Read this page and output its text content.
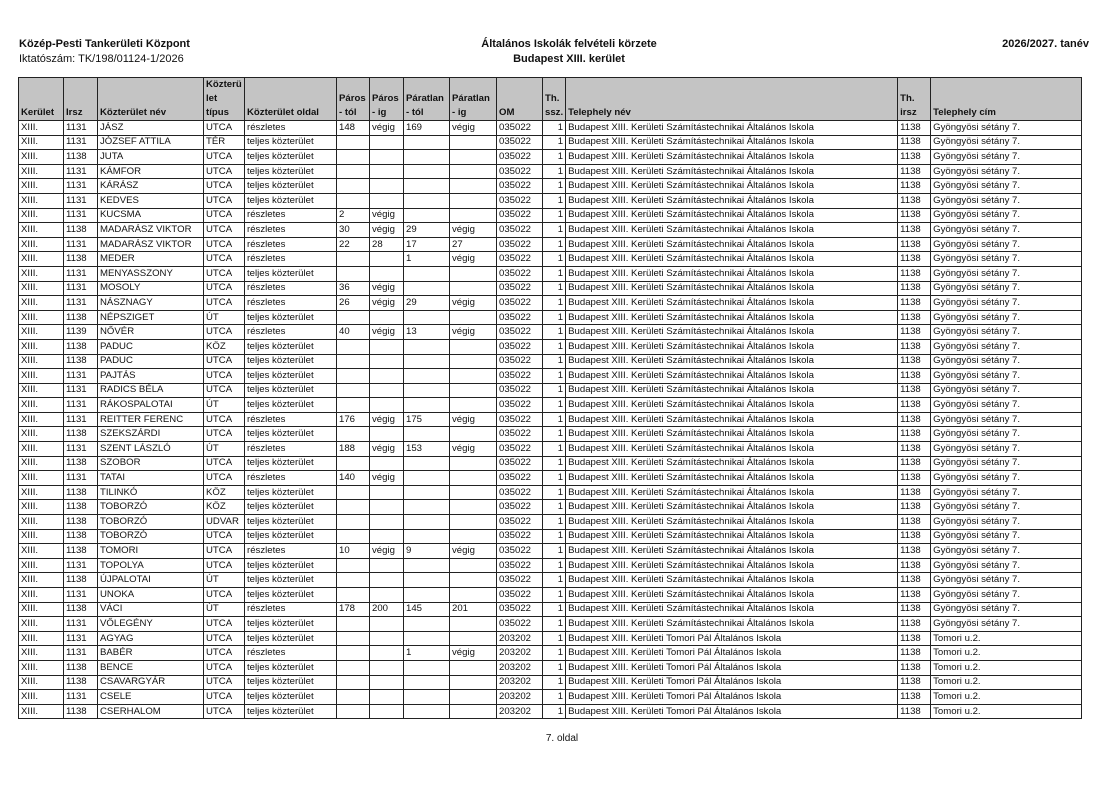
Közép-Pesti Tankerületi Központ
Iktatószám: TK/198/01124-1/2026
Általános Iskolák felvételi körzete
Budapest XIII. kerület
2026/2027. tanév
Kerület	Irsz	Közterület név	Közterü let típus	Közterület oldal	Páros - tól	Páros - ig	Páratlan - tól	Páratlan - ig	OM	Th. ssz.	Telephely név	Th. irsz	Telephely cím
XIII.	1131	JÁSZ	UTCA	részletes	148	végig	169	végig	035022	1	Budapest XIII. Kerületi Számítástechnikai Általános Iskola	1138	Gyöngyösi sétány 7.
XIII.	1131	JÓZSEF ATTILA	TÉR	teljes közterület					035022	1	Budapest XIII. Kerületi Számítástechnikai Általános Iskola	1138	Gyöngyösi sétány 7.
XIII.	1138	JUTA	UTCA	teljes közterület					035022	1	Budapest XIII. Kerületi Számítástechnikai Általános Iskola	1138	Gyöngyösi sétány 7.
XIII.	1131	KÁMFOR	UTCA	teljes közterület					035022	1	Budapest XIII. Kerületi Számítástechnikai Általános Iskola	1138	Gyöngyösi sétány 7.
XIII.	1131	KÁRÁSZ	UTCA	teljes közterület					035022	1	Budapest XIII. Kerületi Számítástechnikai Általános Iskola	1138	Gyöngyösi sétány 7.
XIII.	1131	KEDVES	UTCA	teljes közterület					035022	1	Budapest XIII. Kerületi Számítástechnikai Általános Iskola	1138	Gyöngyösi sétány 7.
XIII.	1131	KUCSMA	UTCA	részletes	2	végig			035022	1	Budapest XIII. Kerületi Számítástechnikai Általános Iskola	1138	Gyöngyösi sétány 7.
XIII.	1138	MADARÁSZ VIKTOR	UTCA	részletes	30	végig	29	végig	035022	1	Budapest XIII. Kerületi Számítástechnikai Általános Iskola	1138	Gyöngyösi sétány 7.
XIII.	1131	MADARÁSZ VIKTOR	UTCA	részletes	22	28	17	27	035022	1	Budapest XIII. Kerületi Számítástechnikai Általános Iskola	1138	Gyöngyösi sétány 7.
XIII.	1138	MEDER	UTCA	részletes			1	végig	035022	1	Budapest XIII. Kerületi Számítástechnikai Általános Iskola	1138	Gyöngyösi sétány 7.
XIII.	1131	MENYASSZONY	UTCA	teljes közterület					035022	1	Budapest XIII. Kerületi Számítástechnikai Általános Iskola	1138	Gyöngyösi sétány 7.
XIII.	1131	MOSOLY	UTCA	részletes	36	végig			035022	1	Budapest XIII. Kerületi Számítástechnikai Általános Iskola	1138	Gyöngyösi sétány 7.
XIII.	1131	NÁSZNAGY	UTCA	részletes	26	végig	29	végig	035022	1	Budapest XIII. Kerületi Számítástechnikai Általános Iskola	1138	Gyöngyösi sétány 7.
XIII.	1138	NÉPSZIGET	ÚT	teljes közterület					035022	1	Budapest XIII. Kerületi Számítástechnikai Általános Iskola	1138	Gyöngyösi sétány 7.
XIII.	1139	NŐVÉR	UTCA	részletes	40	végig	13	végig	035022	1	Budapest XIII. Kerületi Számítástechnikai Általános Iskola	1138	Gyöngyösi sétány 7.
XIII.	1138	PADUC	KÖZ	teljes közterület					035022	1	Budapest XIII. Kerületi Számítástechnikai Általános Iskola	1138	Gyöngyösi sétány 7.
XIII.	1138	PADUC	UTCA	teljes közterület					035022	1	Budapest XIII. Kerületi Számítástechnikai Általános Iskola	1138	Gyöngyösi sétány 7.
XIII.	1131	PAJTÁS	UTCA	teljes közterület					035022	1	Budapest XIII. Kerületi Számítástechnikai Általános Iskola	1138	Gyöngyösi sétány 7.
XIII.	1131	RADICS BÉLA	UTCA	teljes közterület					035022	1	Budapest XIII. Kerületi Számítástechnikai Általános Iskola	1138	Gyöngyösi sétány 7.
XIII.	1131	RÁKOSPALOTAI	ÚT	teljes közterület					035022	1	Budapest XIII. Kerületi Számítástechnikai Általános Iskola	1138	Gyöngyösi sétány 7.
XIII.	1131	REITTER FERENC	UTCA	részletes	176	végig	175	végig	035022	1	Budapest XIII. Kerületi Számítástechnikai Általános Iskola	1138	Gyöngyösi sétány 7.
XIII.	1138	SZEKSZÁRDI	UTCA	teljes közterület					035022	1	Budapest XIII. Kerületi Számítástechnikai Általános Iskola	1138	Gyöngyösi sétány 7.
XIII.	1131	SZENT LÁSZLÓ	ÚT	részletes	188	végig	153	végig	035022	1	Budapest XIII. Kerületi Számítástechnikai Általános Iskola	1138	Gyöngyösi sétány 7.
XIII.	1138	SZOBOR	UTCA	teljes közterület					035022	1	Budapest XIII. Kerületi Számítástechnikai Általános Iskola	1138	Gyöngyösi sétány 7.
XIII.	1131	TATAI	UTCA	részletes	140	végig			035022	1	Budapest XIII. Kerületi Számítástechnikai Általános Iskola	1138	Gyöngyösi sétány 7.
XIII.	1138	TILINKÓ	KÖZ	teljes közterület					035022	1	Budapest XIII. Kerületi Számítástechnikai Általános Iskola	1138	Gyöngyösi sétány 7.
XIII.	1138	TOBORZÓ	KÖZ	teljes közterület					035022	1	Budapest XIII. Kerületi Számítástechnikai Általános Iskola	1138	Gyöngyösi sétány 7.
XIII.	1138	TOBORZÓ	UDVAR	teljes közterület					035022	1	Budapest XIII. Kerületi Számítástechnikai Általános Iskola	1138	Gyöngyösi sétány 7.
XIII.	1138	TOBORZÓ	UTCA	teljes közterület					035022	1	Budapest XIII. Kerületi Számítástechnikai Általános Iskola	1138	Gyöngyösi sétány 7.
XIII.	1138	TOMORI	UTCA	részletes	10	végig	9	végig	035022	1	Budapest XIII. Kerületi Számítástechnikai Általános Iskola	1138	Gyöngyösi sétány 7.
XIII.	1131	TOPOLYA	UTCA	teljes közterület					035022	1	Budapest XIII. Kerületi Számítástechnikai Általános Iskola	1138	Gyöngyösi sétány 7.
XIII.	1138	ÚJPALOTAI	ÚT	teljes közterület					035022	1	Budapest XIII. Kerületi Számítástechnikai Általános Iskola	1138	Gyöngyösi sétány 7.
XIII.	1131	UNOKA	UTCA	teljes közterület					035022	1	Budapest XIII. Kerületi Számítástechnikai Általános Iskola	1138	Gyöngyösi sétány 7.
XIII.	1138	VÁCI	ÚT	részletes	178	200	145	201	035022	1	Budapest XIII. Kerületi Számítástechnikai Általános Iskola	1138	Gyöngyösi sétány 7.
XIII.	1131	VŐLEGÉNY	UTCA	teljes közterület					035022	1	Budapest XIII. Kerületi Számítástechnikai Általános Iskola	1138	Gyöngyösi sétány 7.
XIII.	1131	AGYAG	UTCA	teljes közterület					203202	1	Budapest XIII. Kerületi Tomori Pál Általános Iskola	1138	Tomori u.2.
XIII.	1131	BABÉR	UTCA	részletes			1	végig	203202	1	Budapest XIII. Kerületi Tomori Pál Általános Iskola	1138	Tomori u.2.
XIII.	1138	BENCE	UTCA	teljes közterület					203202	1	Budapest XIII. Kerületi Tomori Pál Általános Iskola	1138	Tomori u.2.
XIII.	1138	CSAVARGYÁR	UTCA	teljes közterület					203202	1	Budapest XIII. Kerületi Tomori Pál Általános Iskola	1138	Tomori u.2.
XIII.	1131	CSELE	UTCA	teljes közterület					203202	1	Budapest XIII. Kerületi Tomori Pál Általános Iskola	1138	Tomori u.2.
XIII.	1138	CSERHALOM	UTCA	teljes közterület					203202	1	Budapest XIII. Kerületi Tomori Pál Általános Iskola	1138	Tomori u.2.
7. oldal
